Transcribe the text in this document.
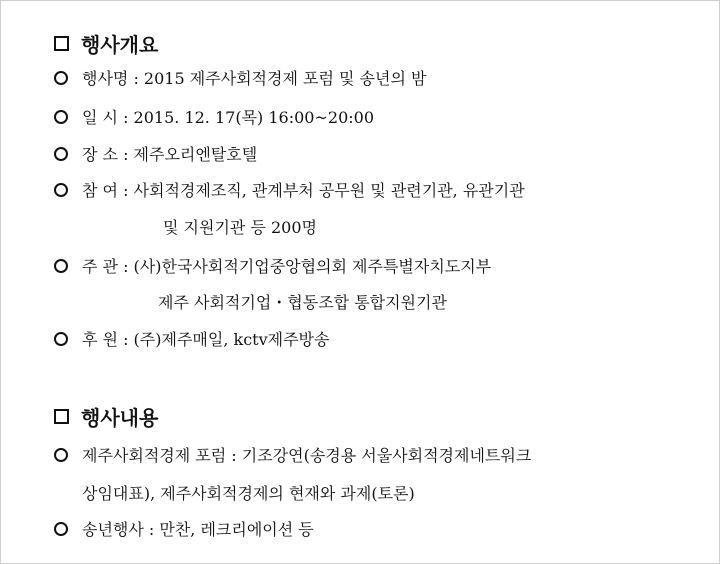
행사개요
행사명 : 2015 제주사회적경제 포럼 및 송년의 밤
일 시 : 2015. 12. 17(목) 16:00~20:00
장 소 : 제주오리엔탈호텔
참 여 : 사회적경제조직, 관계부처 공무원 및 관련기관, 유관기관
및 지원기관 등 200명
주 관 : (사)한국사회적기업중앙협의회 제주특별자치도지부
제주 사회적기업・협동조합 통합지원기관
후 원 : (주)제주매일, kctv제주방송
행사내용
제주사회적경제 포럼 : 기조강연(송경용 서울사회적경제네트워크
상임대표), 제주사회적경제의 현재와 과제(토론)
송년행사 : 만찬, 레크리에이션 등
